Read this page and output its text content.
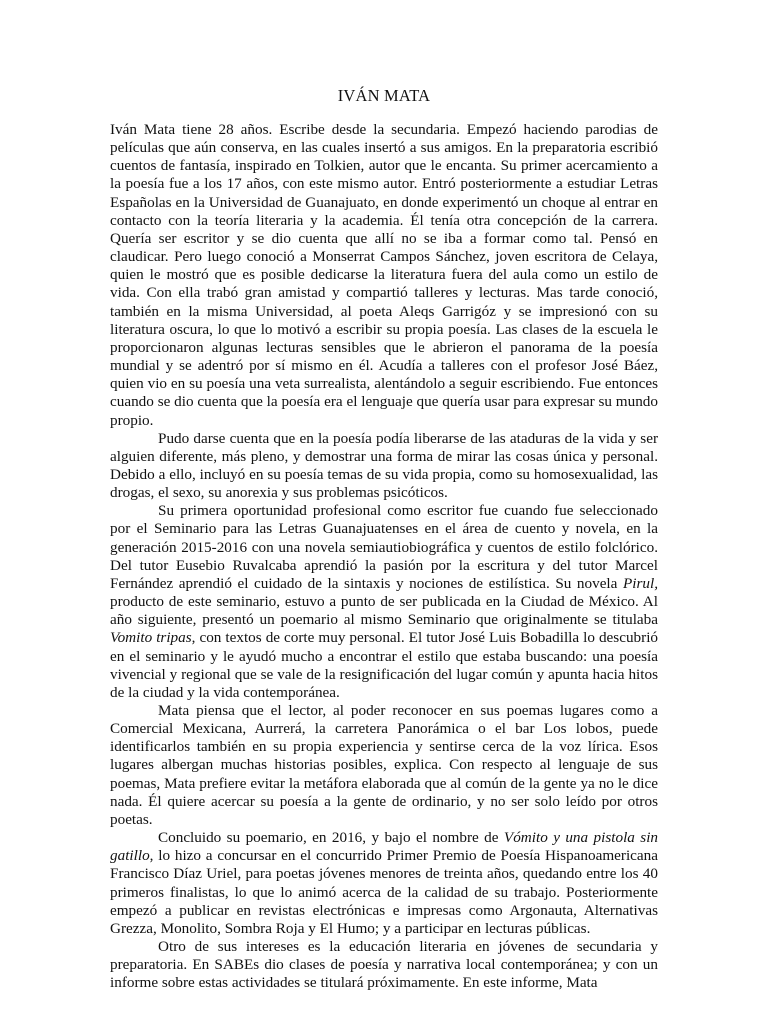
IVÁN MATA

Iván Mata tiene 28 años. Escribe desde la secundaria. Empezó haciendo parodias de películas que aún conserva, en las cuales insertó a sus amigos. En la preparatoria escribió cuentos de fantasía, inspirado en Tolkien, autor que le encanta. Su primer acercamiento a la poesía fue a los 17 años, con este mismo autor. Entró posteriormente a estudiar Letras Españolas en la Universidad de Guanajuato, en donde experimentó un choque al entrar en contacto con la teoría literaria y la academia. Él tenía otra concepción de la carrera. Quería ser escritor y se dio cuenta que allí no se iba a formar como tal. Pensó en claudicar. Pero luego conoció a Monserrat Campos Sánchez, joven escritora de Celaya, quien le mostró que es posible dedicarse la literatura fuera del aula como un estilo de vida. Con ella trabó gran amistad y compartió talleres y lecturas. Mas tarde conoció, también en la misma Universidad, al poeta Aleqs Garrigóz y se impresionó con su literatura oscura, lo que lo motivó a escribir su propia poesía. Las clases de la escuela le proporcionaron algunas lecturas sensibles que le abrieron el panorama de la poesía mundial y se adentró por sí mismo en él. Acudía a talleres con el profesor José Báez, quien vio en su poesía una veta surrealista, alentándolo a seguir escribiendo. Fue entonces cuando se dio cuenta que la poesía era el lenguaje que quería usar para expresar su mundo propio.

Pudo darse cuenta que en la poesía podía liberarse de las ataduras de la vida y ser alguien diferente, más pleno, y demostrar una forma de mirar las cosas única y personal. Debido a ello, incluyó en su poesía temas de su vida propia, como su homosexualidad, las drogas, el sexo, su anorexia y sus problemas psicóticos.

Su primera oportunidad profesional como escritor fue cuando fue seleccionado por el Seminario para las Letras Guanajuatenses en el área de cuento y novela, en la generación 2015-2016 con una novela semiautiobiográfica y cuentos de estilo folclórico. Del tutor Eusebio Ruvalcaba aprendió la pasión por la escritura y del tutor Marcel Fernández aprendió el cuidado de la sintaxis y nociones de estilística. Su novela Pirul, producto de este seminario, estuvo a punto de ser publicada en la Ciudad de México. Al año siguiente, presentó un poemario al mismo Seminario que originalmente se titulaba Vomito tripas, con textos de corte muy personal. El tutor José Luis Bobadilla lo descubrió en el seminario y le ayudó mucho a encontrar el estilo que estaba buscando: una poesía vivencial y regional que se vale de la resignificación del lugar común y apunta hacia hitos de la ciudad y la vida contemporánea.

Mata piensa que el lector, al poder reconocer en sus poemas lugares como a Comercial Mexicana, Aurrerá, la carretera Panorámica o el bar Los lobos, puede identificarlos también en su propia experiencia y sentirse cerca de la voz lírica. Esos lugares albergan muchas historias posibles, explica. Con respecto al lenguaje de sus poemas, Mata prefiere evitar la metáfora elaborada que al común de la gente ya no le dice nada. Él quiere acercar su poesía a la gente de ordinario, y no ser solo leído por otros poetas.

Concluido su poemario, en 2016, y bajo el nombre de Vómito y una pistola sin gatillo, lo hizo a concursar en el concurrido Primer Premio de Poesía Hispanoamericana Francisco Díaz Uriel, para poetas jóvenes menores de treinta años, quedando entre los 40 primeros finalistas, lo que lo animó acerca de la calidad de su trabajo. Posteriormente empezó a publicar en revistas electrónicas e impresas como Argonauta, Alternativas Grezza, Monolito, Sombra Roja y El Humo; y a participar en lecturas públicas.

Otro de sus intereses es la educación literaria en jóvenes de secundaria y preparatoria. En SABEs dio clases de poesía y narrativa local contemporánea; y con un informe sobre estas actividades se titulará próximamente. En este informe, Mata
